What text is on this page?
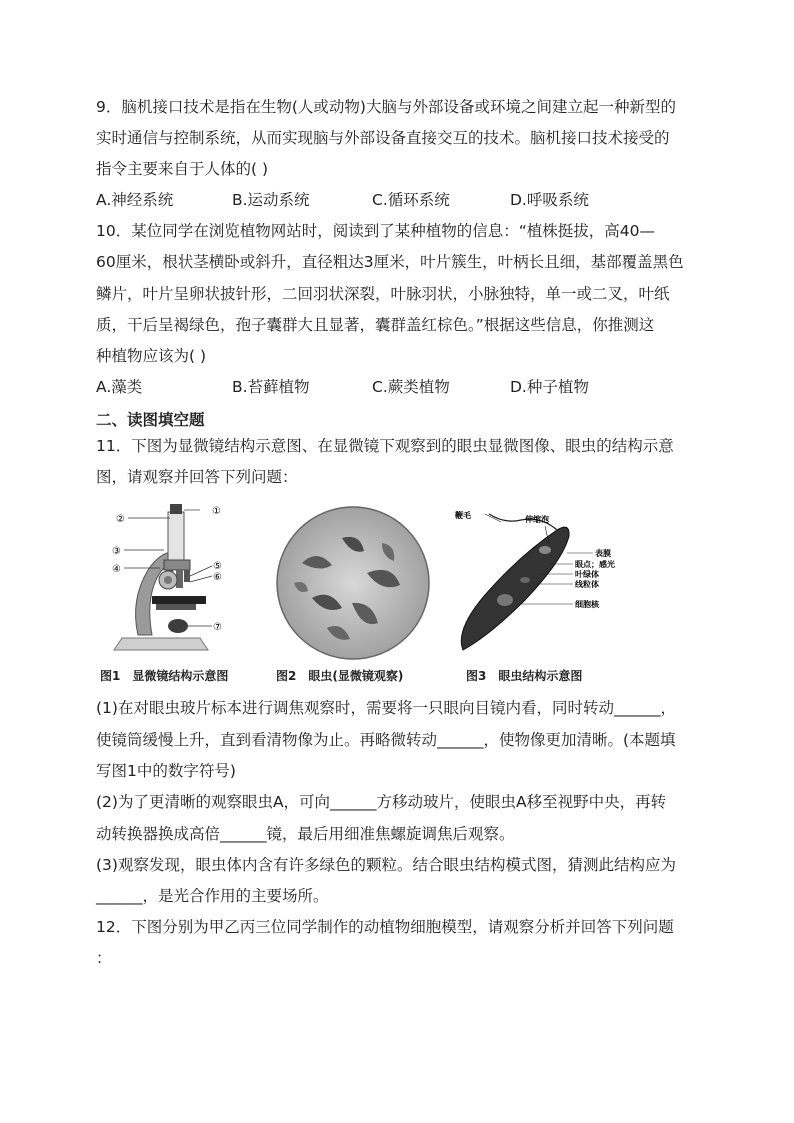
9．脑机接口技术是指在生物(人或动物)大脑与外部设备或环境之间建立起一种新型的
实时通信与控制系统，从而实现脑与外部设备直接交互的技术。脑机接口技术接受的
指令主要来自于人体的( )
A.神经系统	B.运动系统	C.循环系统	D.呼吸系统
10．某位同学在浏览植物网站时，阅读到了某种植物的信息：“植株挺拔，高40—
60厘米，根状茎横卧或斜升，直径粗达3厘米，叶片簇生，叶柄长且细，基部覆盖黑色
鳞片，叶片呈卵状披针形，二回羽状深裂，叶脉羽状，小脉独特，单一或二叉，叶纸
质，干后呈褐绿色，孢子囊群大且显著，囊群盖红棕色。”根据这些信息，你推测这
种植物应该为( )
A.藻类	B.苔藓植物	C.蕨类植物	D.种子植物
二、读图填空题
11．下图为显微镜结构示意图、在显微镜下观察到的眼虫显微图像、眼虫的结构示意
图，请观察并回答下列问题：
①
②
③
④	⑤
⑥
⑦
鞭毛	伸缩泡
表膜
眼点；感光
叶绿体
线粒体
细胞核
图1　显微镜结构示意图	图2　眼虫(显微镜观察)	图3　眼虫结构示意图
(1)在对眼虫玻片标本进行调焦观察时，需要将一只眼向目镜内看，同时转动______，
使镜筒缓慢上升，直到看清物像为止。再略微转动______，使物像更加清晰。(本题填
写图1中的数字符号)
(2)为了更清晰的观察眼虫A，可向______方移动玻片，使眼虫A移至视野中央，再转
动转换器换成高倍______镜，最后用细准焦螺旋调焦后观察。
(3)观察发现，眼虫体内含有许多绿色的颗粒。结合眼虫结构模式图，猜测此结构应为
______，是光合作用的主要场所。
12．下图分别为甲乙丙三位同学制作的动植物细胞模型，请观察分析并回答下列问题
：
